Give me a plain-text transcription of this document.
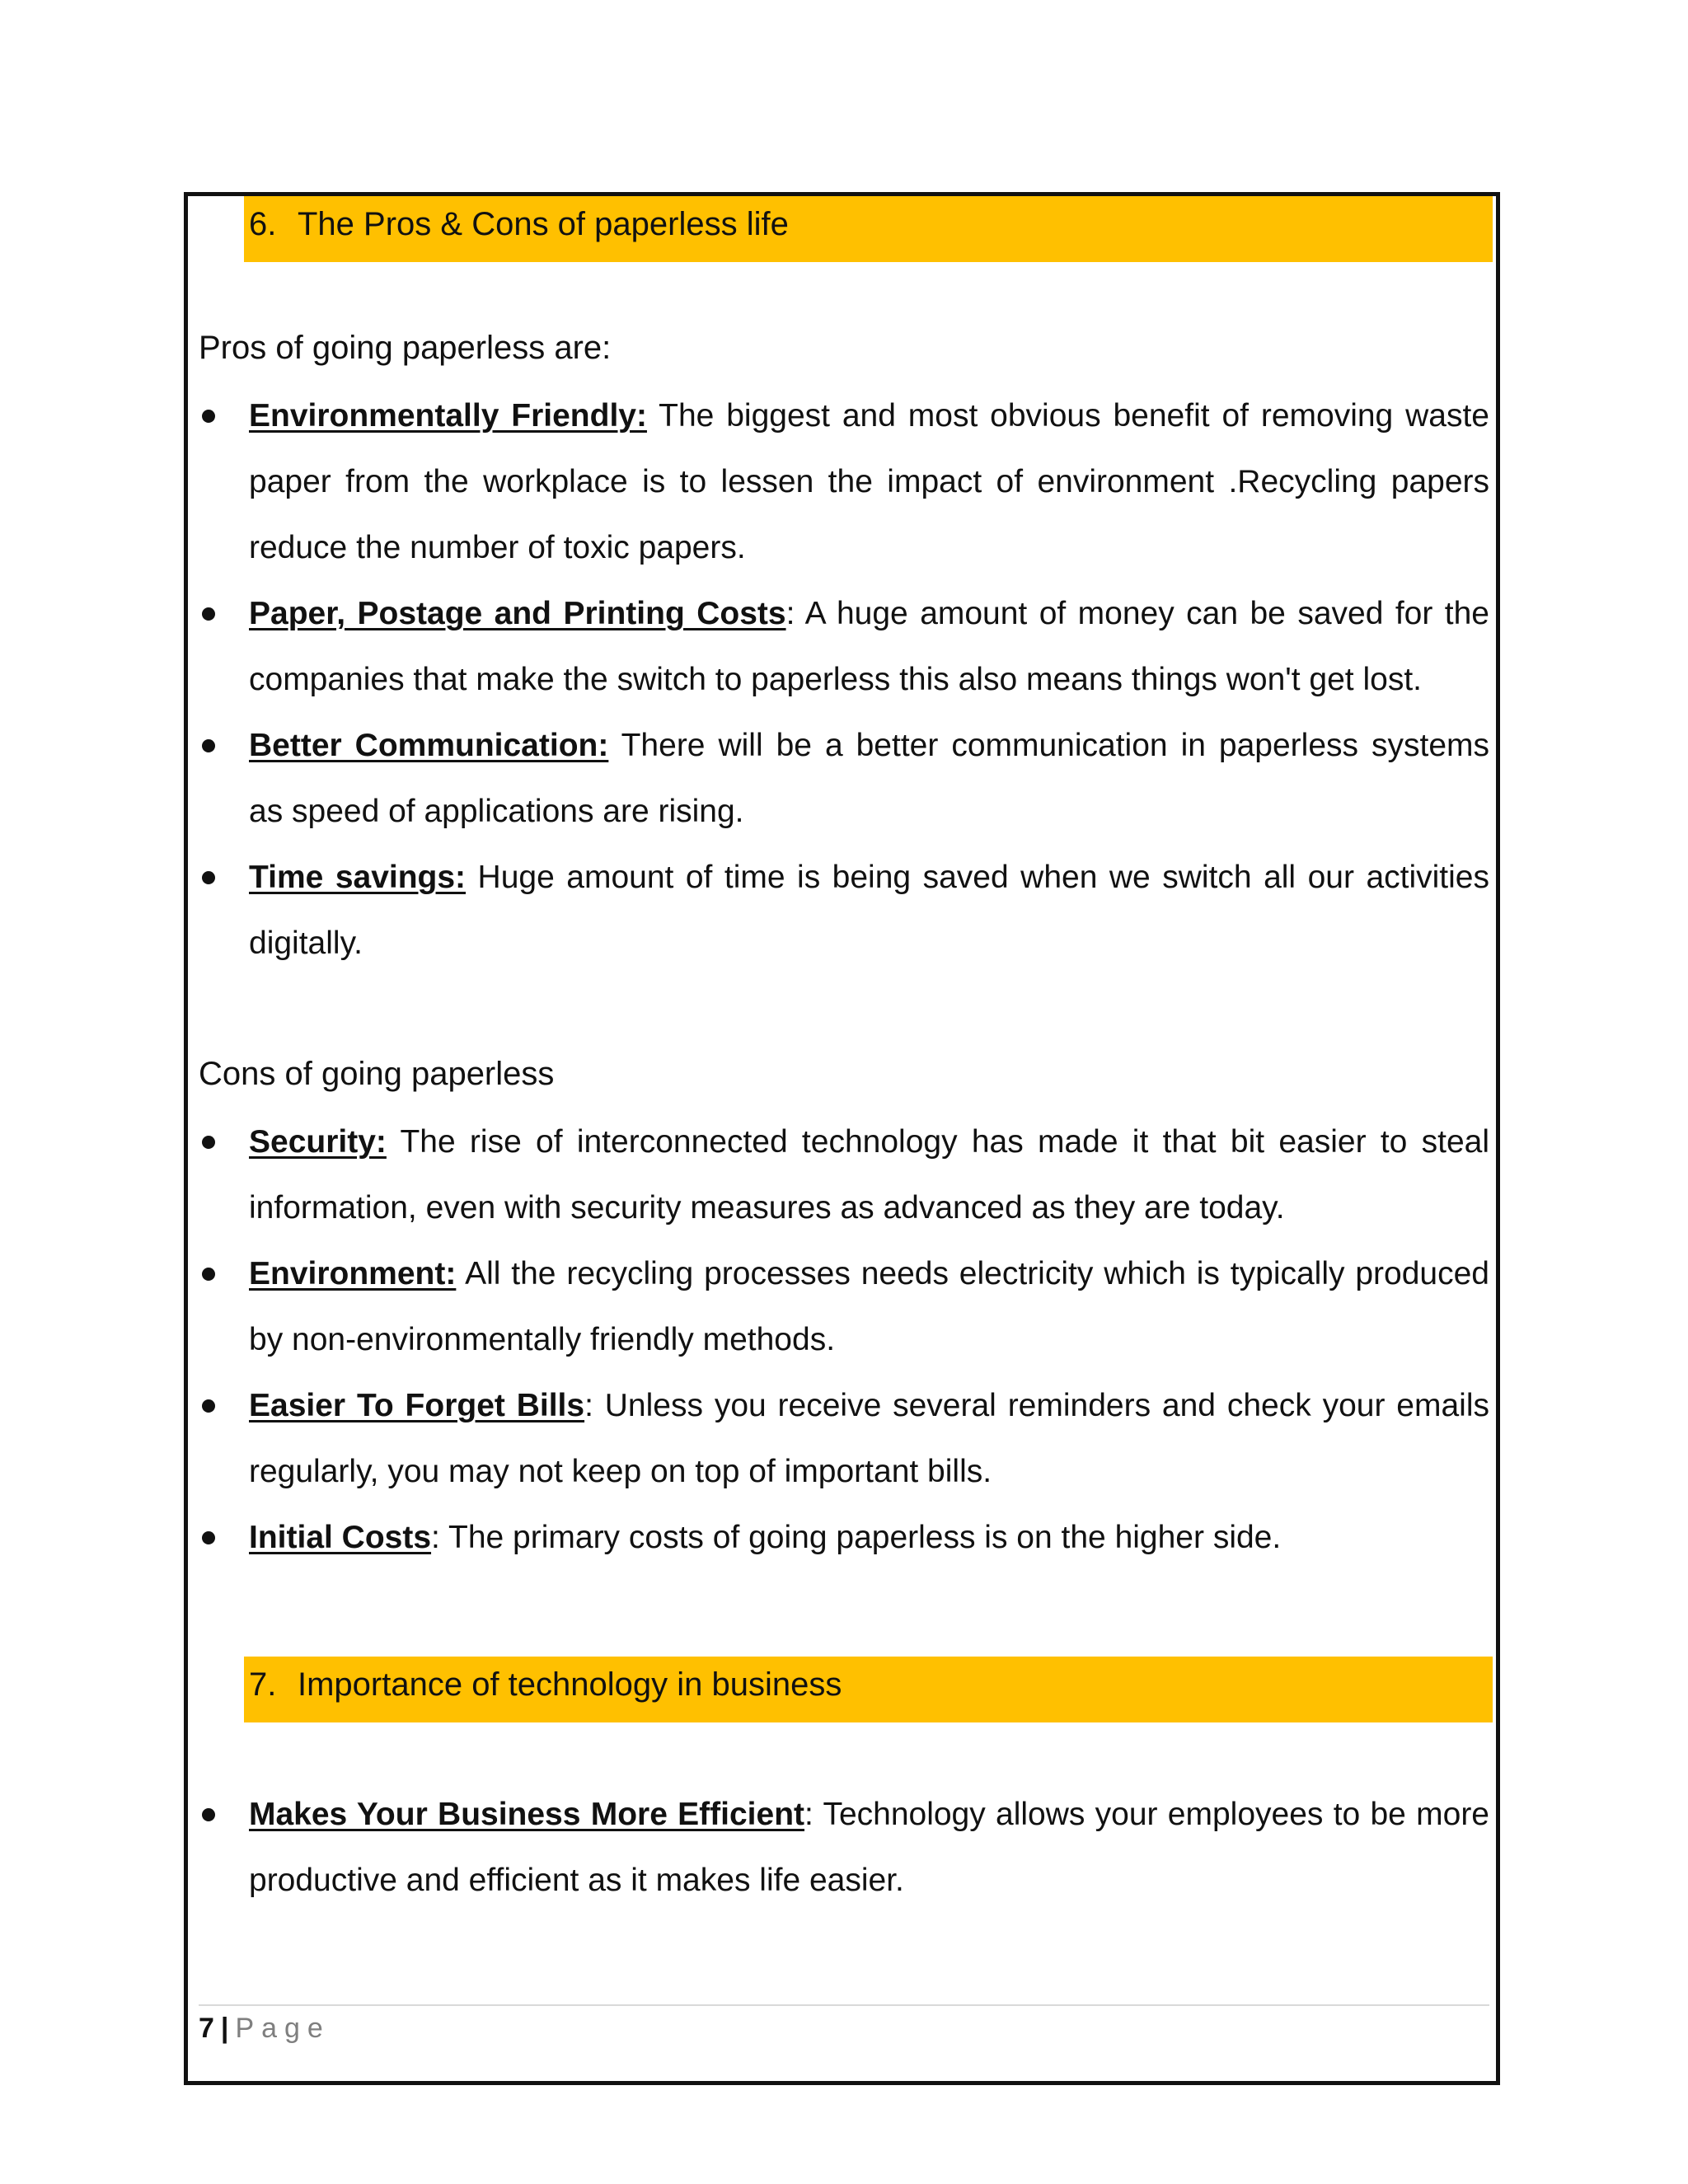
6. The Pros & Cons of paperless life
Pros of going paperless are:
Environmentally Friendly: The biggest and most obvious benefit of removing waste paper from the workplace is to lessen the impact of environment .Recycling papers reduce the number of toxic papers.
Paper, Postage and Printing Costs: A huge amount of money can be saved for the companies that make the switch to paperless this also means things won't get lost.
Better Communication: There will be a better communication in paperless systems as speed of applications are rising.
Time savings: Huge amount of time is being saved when we switch all our activities digitally.
Cons of going paperless
Security: The rise of interconnected technology has made it that bit easier to steal information, even with security measures as advanced as they are today.
Environment: All the recycling processes needs electricity which is typically produced by non-environmentally friendly methods.
Easier To Forget Bills: Unless you receive several reminders and check your emails regularly, you may not keep on top of important bills.
Initial Costs: The primary costs of going paperless is on the higher side.
7. Importance of technology in business
Makes Your Business More Efficient: Technology allows your employees to be more productive and efficient as it makes life easier.
7 | Page
